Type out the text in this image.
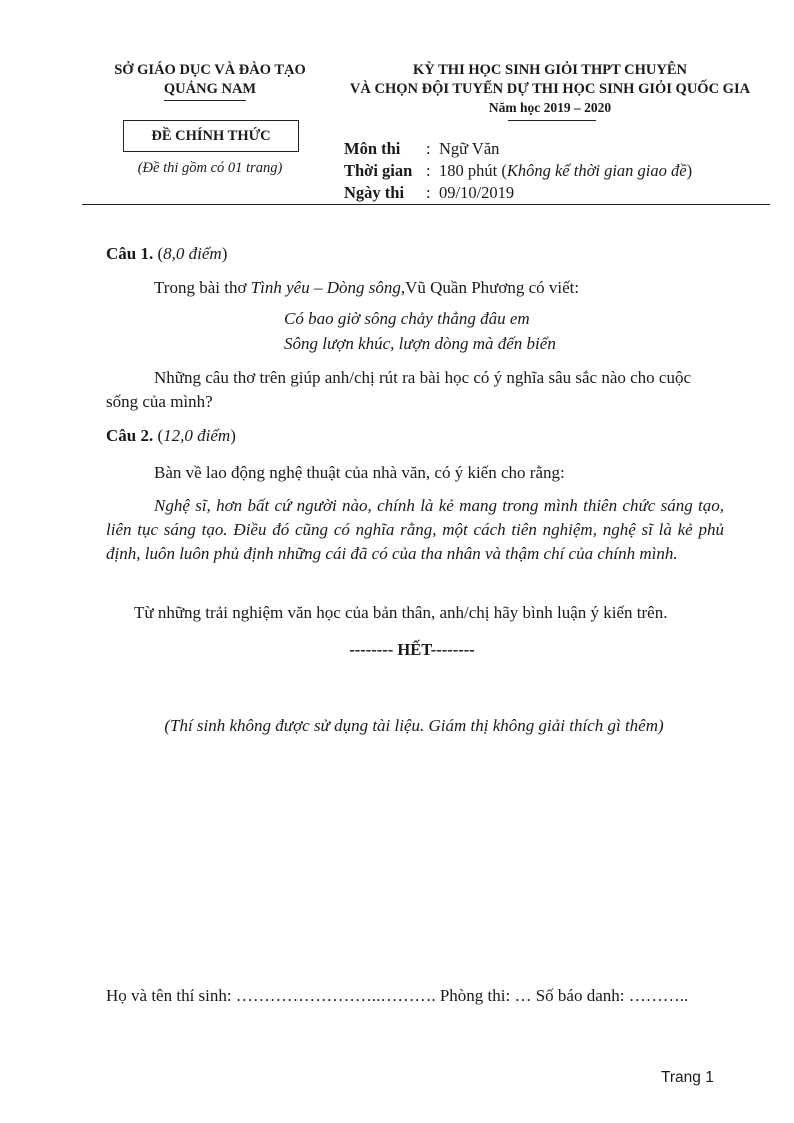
SỞ GIÁO DỤC VÀ ĐÀO TẠO
QUẢNG NAM
ĐỀ CHÍNH THỨC
(Đề thi gồm có 01 trang)
KỲ THI HỌC SINH GIỎI THPT CHUYÊN
VÀ CHỌN ĐỘI TUYỂN DỰ THI HỌC SINH GIỎI QUỐC GIA
Năm học 2019 – 2020
Môn thi : Ngữ Văn
Thời gian : 180 phút (Không kể thời gian giao đề)
Ngày thi : 09/10/2019
Câu 1. (8,0 điểm)
Trong bài thơ Tình yêu – Dòng sông,Vũ Quần Phương có viết:
Có bao giờ sông chảy thẳng đâu em
Sông lượn khúc, lượn dòng mà đến biển
Những câu thơ trên giúp anh/chị rút ra bài học có ý nghĩa sâu sắc nào cho cuộc sống của mình?
Câu 2. (12,0 điểm)
Bàn về lao động nghệ thuật của nhà văn, có ý kiến cho rằng:
Nghệ sĩ, hơn bất cứ người nào, chính là kẻ mang trong mình thiên chức sáng tạo, liên tục sáng tạo. Điều đó cũng có nghĩa rằng, một cách tiên nghiệm, nghệ sĩ là kẻ phủ định, luôn luôn phủ định những cái đã có của tha nhân và thậm chí của chính mình.
Từ những trải nghiệm văn học của bản thân, anh/chị hãy bình luận ý kiến trên.
-------- HẾT--------
(Thí sinh không được sử dụng tài liệu. Giám thị không giải thích gì thêm)
Họ và tên thí sinh: ……………………..………. Phòng thi: … Số báo danh: ………..
Trang 1
